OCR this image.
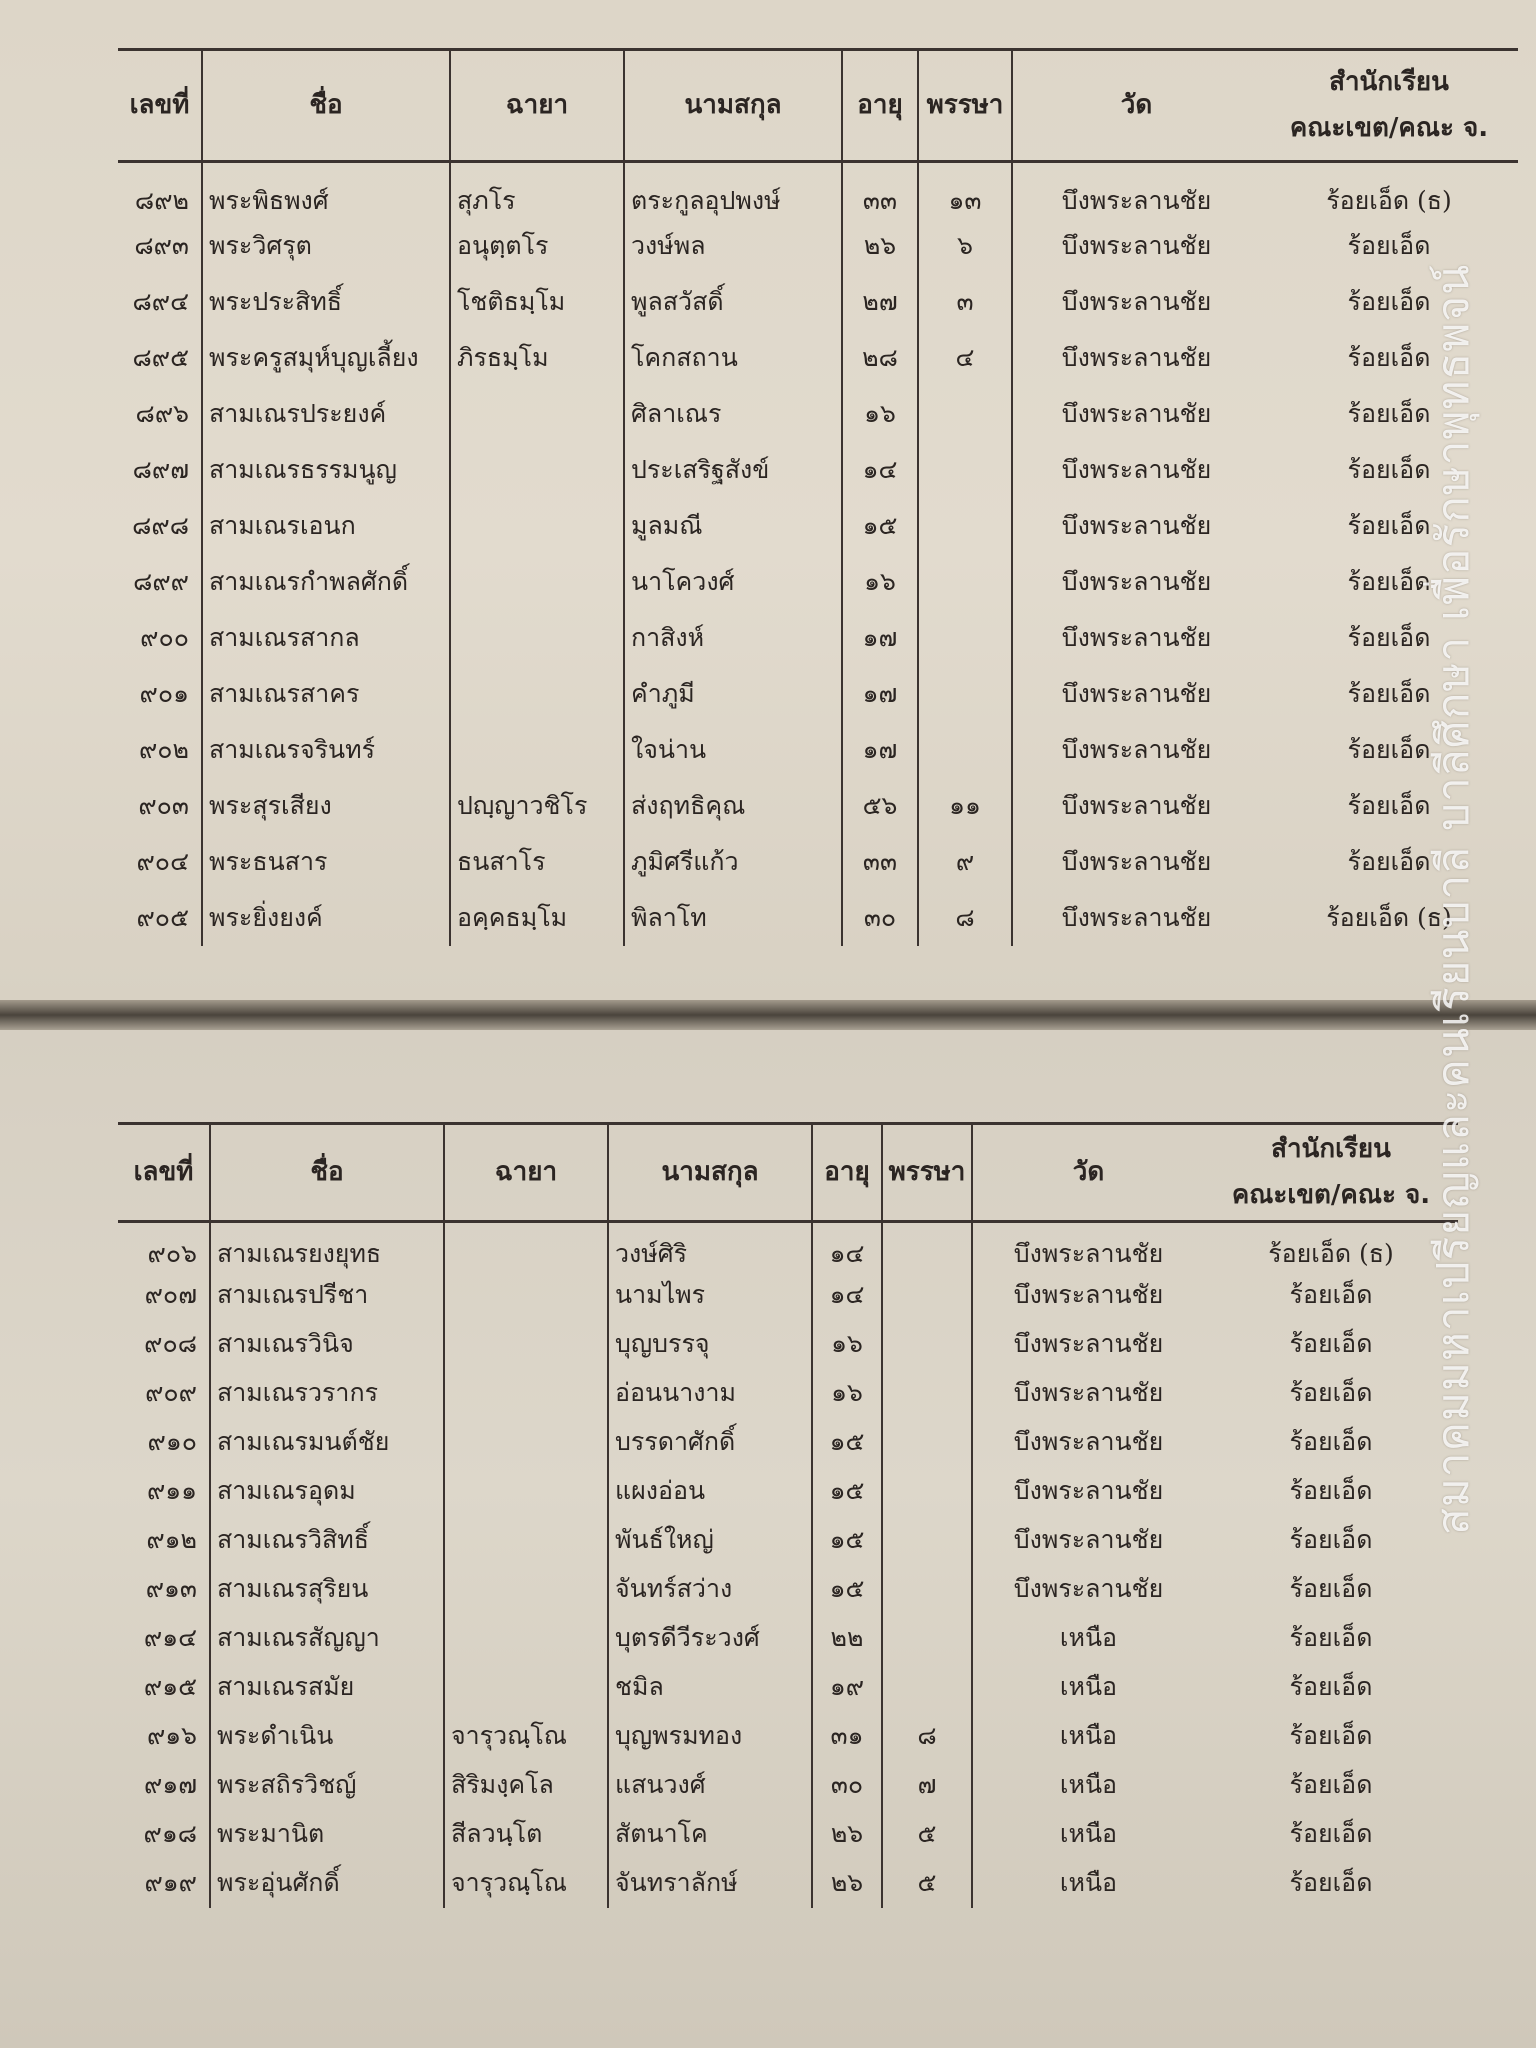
เลขที่	ชื่อ	ฉายา	นามสกุล	อายุ	พรรษา	วัด	สำนักเรียน
คณะเขต/คณะ จ.

๘๙๒	พระพิธพงศ์	สุภโร	ตระกูลอุปพงษ์	๓๓	๑๓	บึงพระลานชัย	ร้อยเอ็ด (ธ)
๘๙๓	พระวิศรุต	อนุตฺตโร	วงษ์พล	๒๖	๖	บึงพระลานชัย	ร้อยเอ็ด
๘๙๔	พระประสิทธิ์	โชติธมฺโม	พูลสวัสดิ์	๒๗	๓	บึงพระลานชัย	ร้อยเอ็ด
๘๙๕	พระครูสมุห์บุญเลี้ยง	ภิรธมฺโม	โคกสถาน	๒๘	๔	บึงพระลานชัย	ร้อยเอ็ด
๘๙๖	สามเณรประยงค์		ศิลาเณร	๑๖		บึงพระลานชัย	ร้อยเอ็ด
๘๙๗	สามเณรธรรมนูญ		ประเสริฐสังข์	๑๔		บึงพระลานชัย	ร้อยเอ็ด
๘๙๘	สามเณรเอนก		มูลมณี	๑๕		บึงพระลานชัย	ร้อยเอ็ด
๘๙๙	สามเณรกำพลศักดิ์		นาโควงศ์	๑๖		บึงพระลานชัย	ร้อยเอ็ด
๙๐๐	สามเณรสากล		กาสิงห์	๑๗		บึงพระลานชัย	ร้อยเอ็ด
๙๐๑	สามเณรสาคร		คำภูมี	๑๗		บึงพระลานชัย	ร้อยเอ็ด
๙๐๒	สามเณรจรินทร์		ใจน่าน	๑๗		บึงพระลานชัย	ร้อยเอ็ด
๙๐๓	พระสุรเสียง	ปญฺญาวชิโร	ส่งฤทธิคุณ	๕๖	๑๑	บึงพระลานชัย	ร้อยเอ็ด
๙๐๔	พระธนสาร	ธนสาโร	ภูมิศรีแก้ว	๓๓	๙	บึงพระลานชัย	ร้อยเอ็ด
๙๐๕	พระยิ่งยงค์	อคฺคธมฺโม	พิลาโท	๓๐	๘	บึงพระลานชัย	ร้อยเอ็ด (ธ)
เลขที่	ชื่อ	ฉายา	นามสกุล	อายุ	พรรษา	วัด	สำนักเรียน
คณะเขต/คณะ จ.

๙๐๖	สามเณรยงยุทธ		วงษ์ศิริ	๑๔		บึงพระลานชัย	ร้อยเอ็ด (ธ)
๙๐๗	สามเณรปรีชา		นามไพร	๑๔		บึงพระลานชัย	ร้อยเอ็ด
๙๐๘	สามเณรวินิจ		บุญบรรจุ	๑๖		บึงพระลานชัย	ร้อยเอ็ด
๙๐๙	สามเณรวรากร		อ่อนนางาม	๑๖		บึงพระลานชัย	ร้อยเอ็ด
๙๑๐	สามเณรมนต์ชัย		บรรดาศักดิ์	๑๕		บึงพระลานชัย	ร้อยเอ็ด
๙๑๑	สามเณรอุดม		แผงอ่อน	๑๕		บึงพระลานชัย	ร้อยเอ็ด
๙๑๒	สามเณรวิสิทธิ์		พันธ์ใหญ่	๑๕		บึงพระลานชัย	ร้อยเอ็ด
๙๑๓	สามเณรสุริยน		จันทร์สว่าง	๑๕		บึงพระลานชัย	ร้อยเอ็ด
๙๑๔	สามเณรสัญญา		บุตรดีวีระวงศ์	๒๒		เหนือ	ร้อยเอ็ด
๙๑๕	สามเณรสมัย		ชมิล	๑๙		เหนือ	ร้อยเอ็ด
๙๑๖	พระดำเนิน	จารุวณฺโณ	บุญพรมทอง	๓๑	๘	เหนือ	ร้อยเอ็ด
๙๑๗	พระสถิรวิชญ์	สิริมงฺคโล	แสนวงศ์	๓๐	๗	เหนือ	ร้อยเอ็ด
๙๑๘	พระมานิต	สีลวนฺโต	สัตนาโค	๒๖	๕	เหนือ	ร้อยเอ็ด
๙๑๙	พระอุ่นศักดิ์	จารุวณฺโณ	จันทราลักษ์	๒๖	๕	เหนือ	ร้อยเอ็ด
สมาคมมหาเปรียญและคนเรียนบาลี บาลีศึกษา เพื่อรักษาพุทธพจน์
